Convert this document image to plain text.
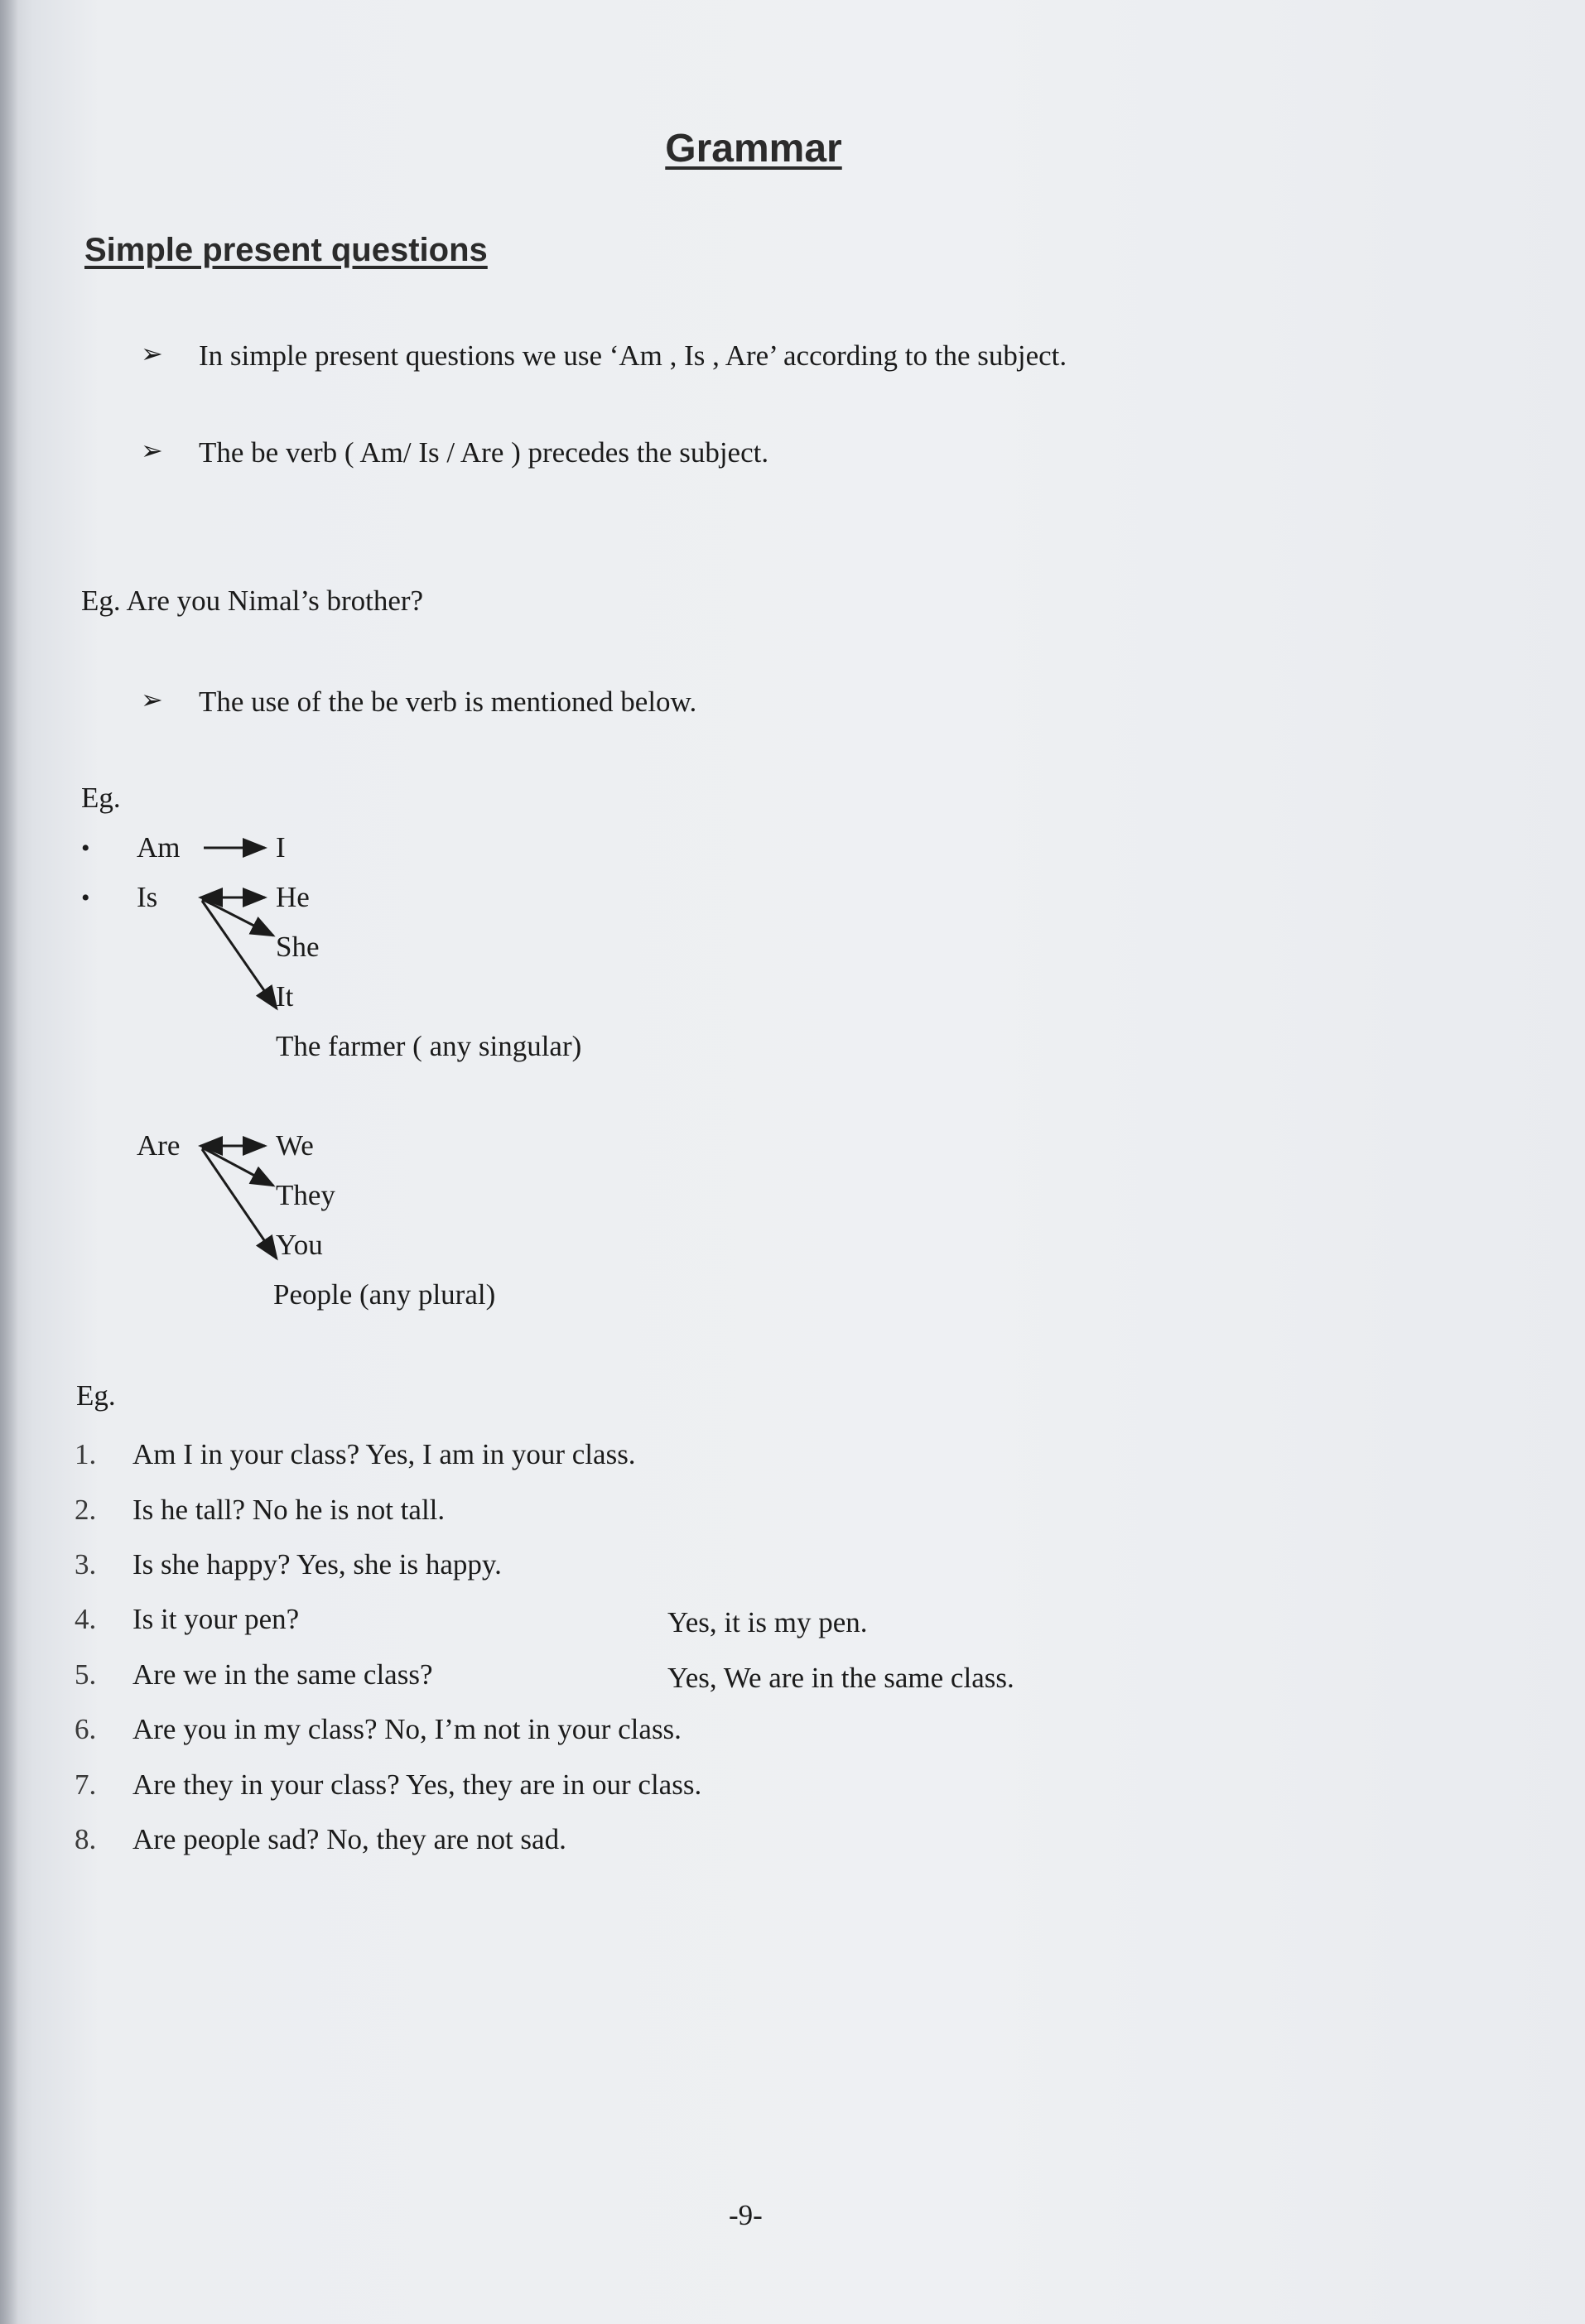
Grammar
Simple present questions
➢ In simple present questions we use ‘Am , Is , Are’ according to the subject.
➢ The be verb ( Am/ Is / Are ) precedes the subject.
Eg. Are you Nimal’s brother?
➢ The use of the be verb is mentioned below.
Eg.
• Am	I
• Is	He
She
It
The farmer ( any singular)
Are	We
They
You
People (any plural)
Eg.
1. Am I in your class? Yes, I am in your class.
2. Is he tall? No he is not tall.
3. Is she happy? Yes, she is happy.
4. Is it your pen?	Yes, it is my pen.
5. Are we in the same class?	Yes, We are in the same class.
6. Are you in my class? No, I’m not in your class.
7. Are they in your class? Yes, they are in our class.
8. Are people sad? No, they are not sad.
-9-
